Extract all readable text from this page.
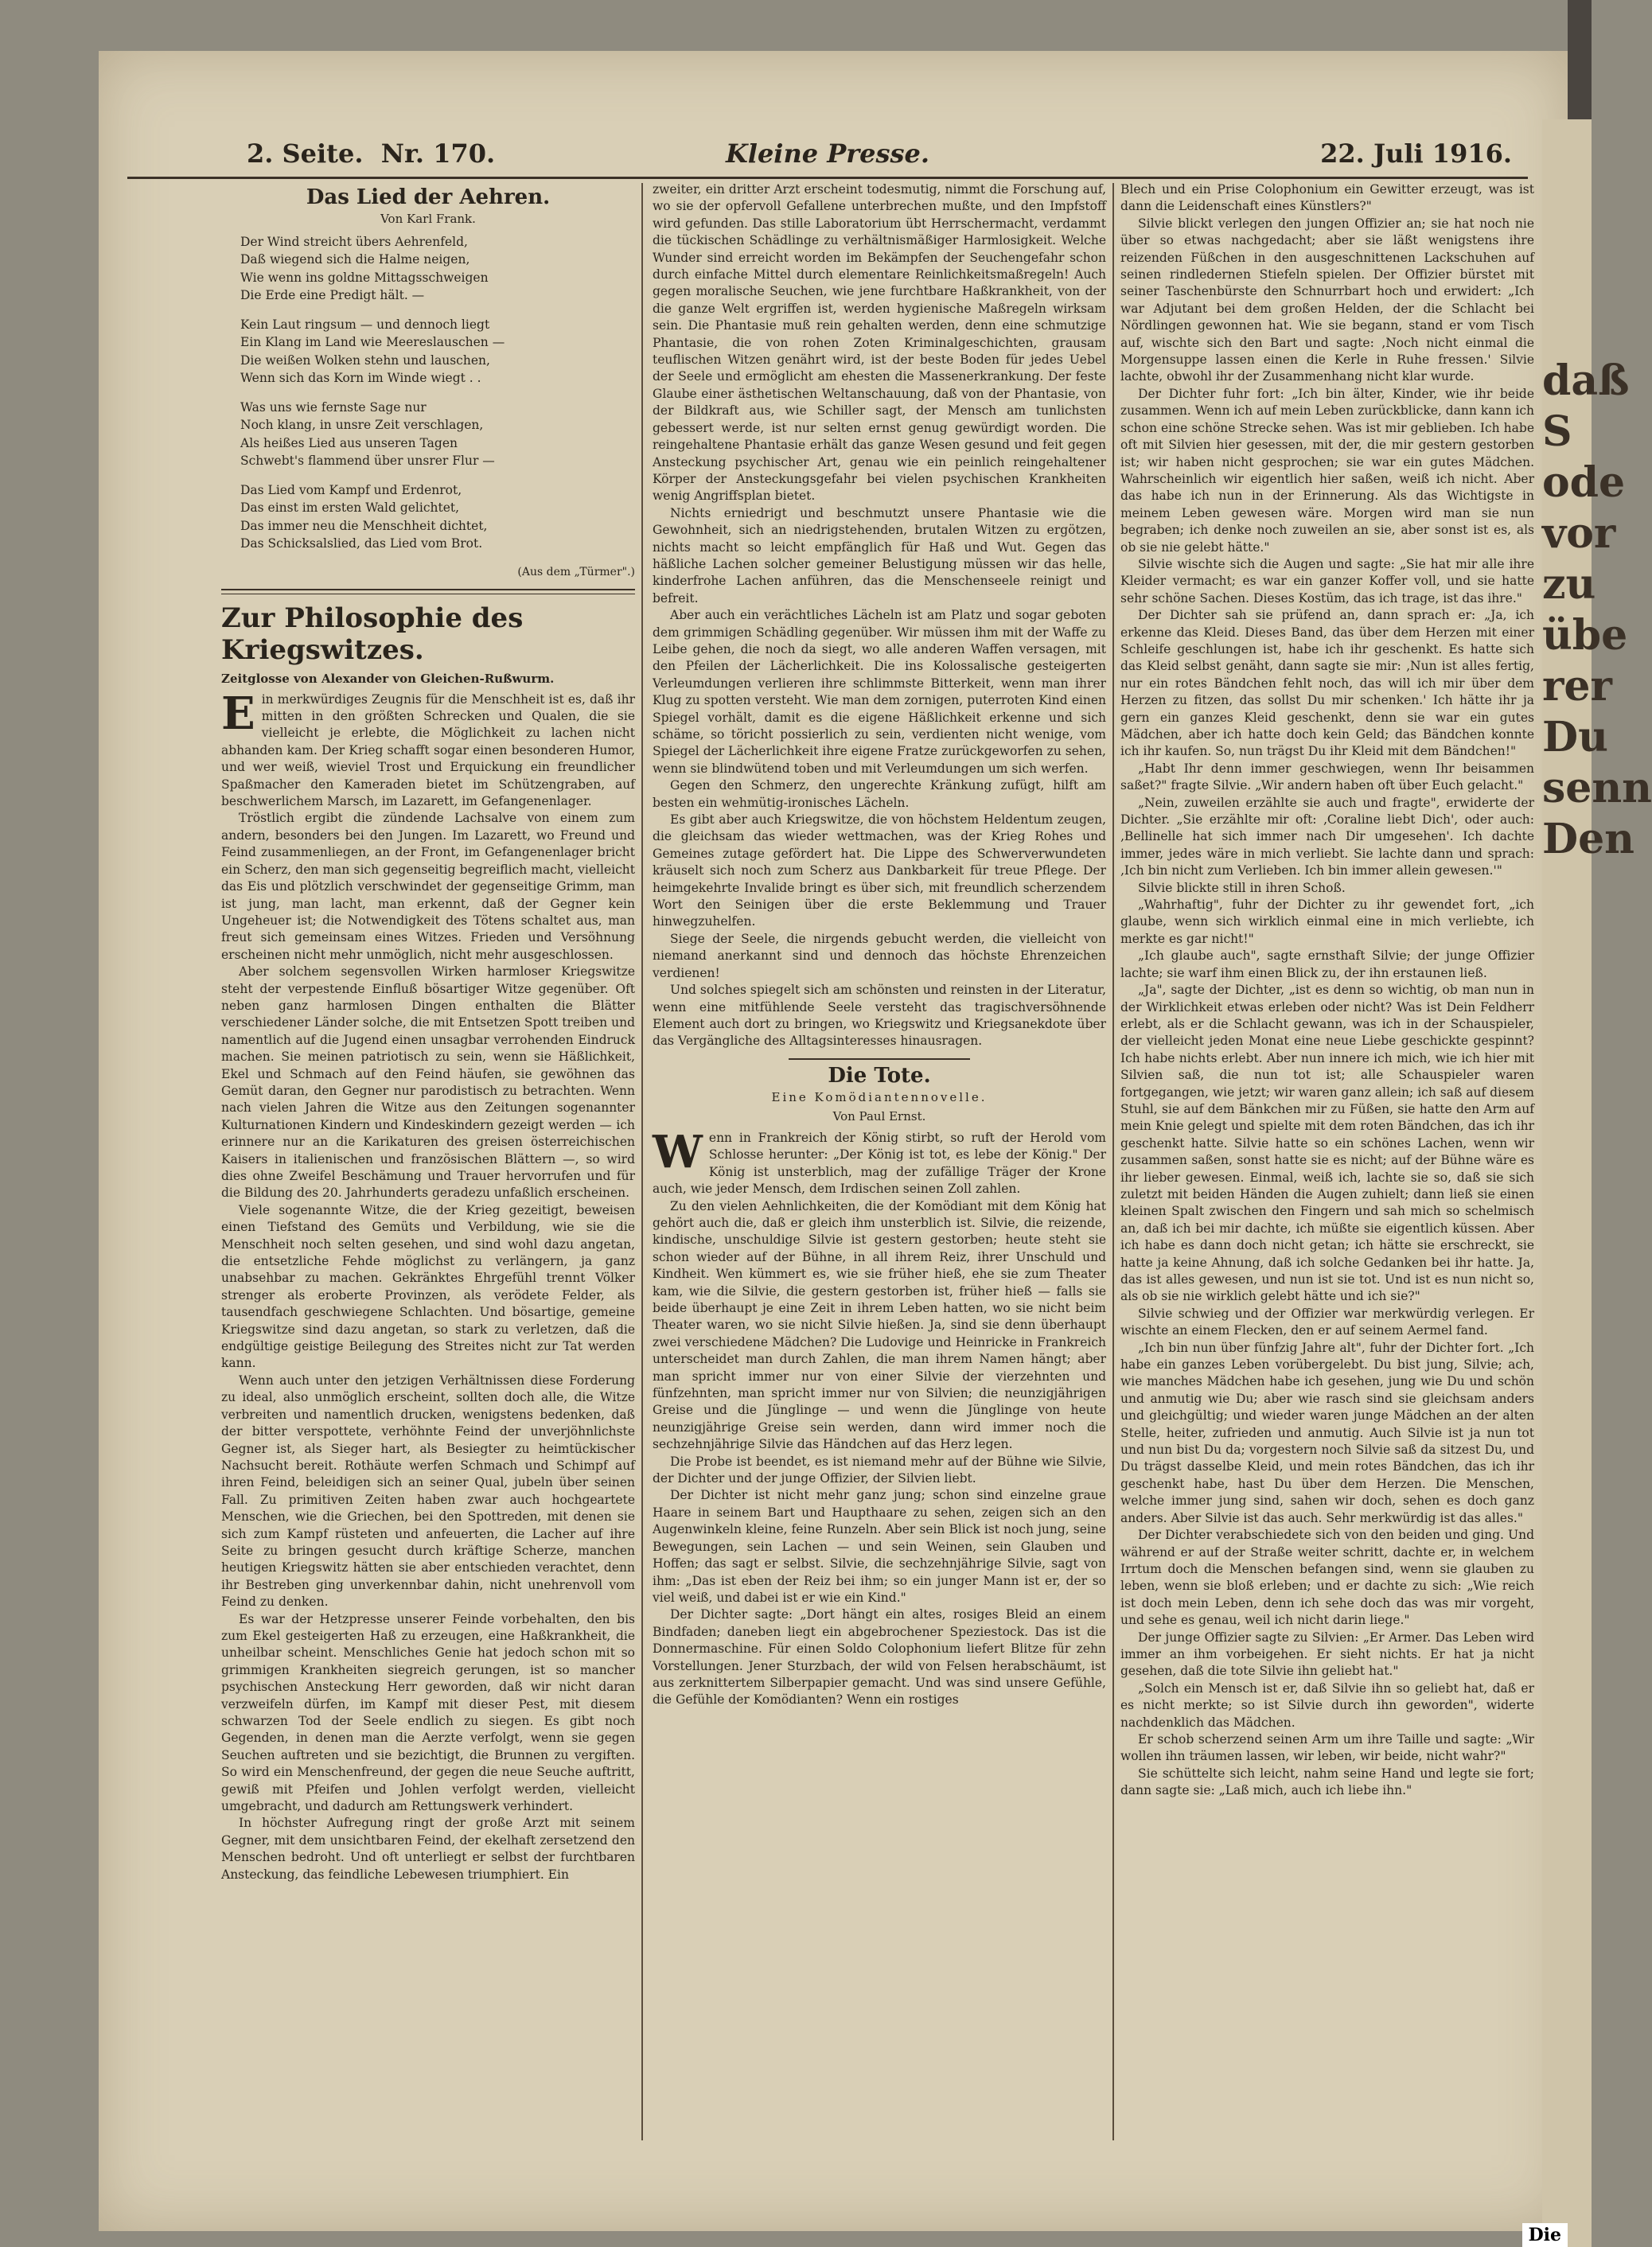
daß
S
ode
vor
zu
übe
rer
Du
senn
Den
2. Seite. Nr. 170.	Kleine Presse.	22. Juli 1916.
Das Lied der Aehren.
Von Karl Frank.
Der Wind streicht übers Aehrenfeld,
Daß wiegend sich die Halme neigen,
Wie wenn ins goldne Mittagsschweigen
Die Erde eine Predigt hält. —
Kein Laut ringsum — und dennoch liegt
Ein Klang im Land wie Meereslauschen —
Die weißen Wolken stehn und lauschen,
Wenn sich das Korn im Winde wiegt . .
Was uns wie fernste Sage nur
Noch klang, in unsre Zeit verschlagen,
Als heißes Lied aus unseren Tagen
Schwebt's flammend über unsrer Flur —
Das Lied vom Kampf und Erdenrot,
Das einst im ersten Wald gelichtet,
Das immer neu die Menschheit dichtet,
Das Schicksalslied, das Lied vom Brot.
(Aus dem „Türmer".)
Zur Philosophie des Kriegswitzes.
Zeitglosse von Alexander von Gleichen-Rußwurm.
E in merkwürdiges Zeugnis für die Menschheit ist es, daß ihr mitten in den größten Schrecken und Qualen, die sie vielleicht je erlebte, die Möglichkeit zu lachen nicht abhanden kam. Der Krieg schafft sogar einen besonderen Humor, und wer weiß, wieviel Trost und Erquickung ein freundlicher Spaßmacher den Kameraden bietet im Schützengraben, auf beschwerlichem Marsch, im Lazarett, im Gefangenenlager.

Tröstlich ergibt die zündende Lachsalve von einem zum andern, besonders bei den Jungen. Im Lazarett, wo Freund und Feind zusammenliegen, an der Front, im Gefangenenlager bricht ein Scherz, den man sich gegenseitig begreiflich macht, vielleicht das Eis und plötzlich verschwindet der gegenseitige Grimm, man ist jung, man lacht, man erkennt, daß der Gegner kein Ungeheuer ist; die Notwendigkeit des Tötens schaltet aus, man freut sich gemeinsam eines Witzes. Frieden und Versöhnung erscheinen nicht mehr unmöglich, nicht mehr ausgeschlossen.

Aber solchem segensvollen Wirken harmloser Kriegswitze steht der verpestende Einfluß bösartiger Witze gegenüber. Oft neben ganz harmlosen Dingen enthalten die Blätter verschiedener Länder solche, die mit Entsetzen Spott treiben und namentlich auf die Jugend einen unsagbar verrohenden Eindruck machen. Sie meinen patriotisch zu sein, wenn sie Häßlichkeit, Ekel und Schmach auf den Feind häufen, sie gewöhnen das Gemüt daran, den Gegner nur parodistisch zu betrachten. Wenn nach vielen Jahren die Witze aus den Zeitungen sogenannter Kulturnationen Kindern und Kindeskindern gezeigt werden — ich erinnere nur an die Karikaturen des greisen österreichischen Kaisers in italienischen und französischen Blättern —, so wird dies ohne Zweifel Beschämung und Trauer hervorrufen und für die Bildung des 20. Jahrhunderts geradezu unfaßlich erscheinen.

Viele sogenannte Witze, die der Krieg gezeitigt, beweisen einen Tiefstand des Gemüts und Verbildung, wie sie die Menschheit noch selten gesehen, und sind wohl dazu angetan, die entsetzliche Fehde möglichst zu verlängern, ja ganz unabsehbar zu machen. Gekränktes Ehrgefühl trennt Völker strenger als eroberte Provinzen, als verödete Felder, als tausendfach geschwiegene Schlachten. Und bösartige, gemeine Kriegswitze sind dazu angetan, so stark zu verletzen, daß die endgültige geistige Beilegung des Streites nicht zur Tat werden kann.

Wenn auch unter den jetzigen Verhältnissen diese Forderung zu ideal, also unmöglich erscheint, sollten doch alle, die Witze verbreiten und namentlich drucken, wenigstens bedenken, daß der bitter verspottete, verhöhnte Feind der unverjöhnlichste Gegner ist, als Sieger hart, als Besiegter zu heimtückischer Nachsucht bereit. Rothäute werfen Schmach und Schimpf auf ihren Feind, beleidigen sich an seiner Qual, jubeln über seinen Fall. Zu primitiven Zeiten haben zwar auch hochgeartete Menschen, wie die Griechen, bei den Spottreden, mit denen sie sich zum Kampf rüsteten und anfeuerten, die Lacher auf ihre Seite zu bringen gesucht durch kräftige Scherze, manchen heutigen Kriegswitz hätten sie aber entschieden verachtet, denn ihr Bestreben ging unverkennbar dahin, nicht unehrenvoll vom Feind zu denken.

Es war der Hetzpresse unserer Feinde vorbehalten, den bis zum Ekel gesteigerten Haß zu erzeugen, eine Haßkrankheit, die unheilbar scheint. Menschliches Genie hat jedoch schon mit so grimmigen Krankheiten siegreich gerungen, ist so mancher psychischen Ansteckung Herr geworden, daß wir nicht daran verzweifeln dürfen, im Kampf mit dieser Pest, mit diesem schwarzen Tod der Seele endlich zu siegen. Es gibt noch Gegenden, in denen man die Aerzte verfolgt, wenn sie gegen Seuchen auftreten und sie bezichtigt, die Brunnen zu vergiften. So wird ein Menschenfreund, der gegen die neue Seuche auftritt, gewiß mit Pfeifen und Johlen verfolgt werden, vielleicht umgebracht, und dadurch am Rettungswerk verhindert.

In höchster Aufregung ringt der große Arzt mit seinem Gegner, mit dem unsichtbaren Feind, der ekelhaft zersetzend den Menschen bedroht. Und oft unterliegt er selbst der furchtbaren Ansteckung, das feindliche Lebewesen triumphiert. Ein

zweiter, ein dritter Arzt erscheint todesmutig, nimmt die Forschung auf, wo sie der opfervoll Gefallene unterbrechen mußte, und den Impfstoff wird gefunden. Das stille Laboratorium übt Herrschermacht, verdammt die tückischen Schädlinge zu verhältnismäßiger Harmlosigkeit. Welche Wunder sind erreicht worden im Bekämpfen der Seuchengefahr schon durch einfache Mittel durch elementare Reinlichkeitsmaßregeln! Auch gegen moralische Seuchen, wie jene furchtbare Haßkrankheit, von der die ganze Welt ergriffen ist, werden hygienische Maßregeln wirksam sein. Die Phantasie muß rein gehalten werden, denn eine schmutzige Phantasie, die von rohen Zoten Kriminalgeschichten, grausam teuflischen Witzen genährt wird, ist der beste Boden für jedes Uebel der Seele und ermöglicht am ehesten die Massenerkrankung. Der feste Glaube einer ästhetischen Weltanschauung, daß von der Phantasie, von der Bildkraft aus, wie Schiller sagt, der Mensch am tunlichsten gebessert werde, ist nur selten ernst genug gewürdigt worden. Die reingehaltene Phantasie erhält das ganze Wesen gesund und feit gegen Ansteckung psychischer Art, genau wie ein peinlich reingehaltener Körper der Ansteckungsgefahr bei vielen psychischen Krankheiten wenig Angriffsplan bietet.

Nichts erniedrigt und beschmutzt unsere Phantasie wie die Gewohnheit, sich an niedrigstehenden, brutalen Witzen zu ergötzen, nichts macht so leicht empfänglich für Haß und Wut. Gegen das häßliche Lachen solcher gemeiner Belustigung müssen wir das helle, kinderfrohe Lachen anführen, das die Menschenseele reinigt und befreit.

Aber auch ein verächtliches Lächeln ist am Platz und sogar geboten dem grimmigen Schädling gegenüber. Wir müssen ihm mit der Waffe zu Leibe gehen, die noch da siegt, wo alle anderen Waffen versagen, mit den Pfeilen der Lächerlichkeit. Die ins Kolossalische gesteigerten Verleumdungen verlieren ihre schlimmste Bitterkeit, wenn man ihrer Klug zu spotten versteht. Wie man dem zornigen, puterroten Kind einen Spiegel vorhält, damit es die eigene Häßlichkeit erkenne und sich schäme, so töricht possierlich zu sein, verdienten nicht wenige, vom Spiegel der Lächerlichkeit ihre eigene Fratze zurückgeworfen zu sehen, wenn sie blindwütend toben und mit Verleumdungen um sich werfen.

Gegen den Schmerz, den ungerechte Kränkung zufügt, hilft am besten ein wehmütig-ironisches Lächeln.

Es gibt aber auch Kriegswitze, die von höchstem Heldentum zeugen, die gleichsam das wieder wettmachen, was der Krieg Rohes und Gemeines zutage gefördert hat. Die Lippe des Schwerverwundeten kräuselt sich noch zum Scherz aus Dankbarkeit für treue Pflege. Der heimgekehrte Invalide bringt es über sich, mit freundlich scherzendem Wort den Seinigen über die erste Beklemmung und Trauer hinwegzuhelfen.

Siege der Seele, die nirgends gebucht werden, die vielleicht von niemand anerkannt sind und dennoch das höchste Ehrenzeichen verdienen!

Und solches spiegelt sich am schönsten und reinsten in der Literatur, wenn eine mitfühlende Seele versteht das tragischversöhnende Element auch dort zu bringen, wo Kriegswitz und Kriegsanekdote über das Vergängliche des Alltagsinteresses hinausragen.

Die Tote.
Eine Komödiantennovelle.
Von Paul Ernst.
W enn in Frankreich der König stirbt, so ruft der Herold vom Schlosse herunter: „Der König ist tot, es lebe der König." Der König ist unsterblich, mag der zufällige Träger der Krone auch, wie jeder Mensch, dem Irdischen seinen Zoll zahlen.

Zu den vielen Aehnlichkeiten, die der Komödiant mit dem König hat gehört auch die, daß er gleich ihm unsterblich ist. Silvie, die reizende, kindische, unschuldige Silvie ist gestern gestorben; heute steht sie schon wieder auf der Bühne, in all ihrem Reiz, ihrer Unschuld und Kindheit. Wen kümmert es, wie sie früher hieß, ehe sie zum Theater kam, wie die Silvie, die gestern gestorben ist, früher hieß — falls sie beide überhaupt je eine Zeit in ihrem Leben hatten, wo sie nicht beim Theater waren, wo sie nicht Silvie hießen. Ja, sind sie denn überhaupt zwei verschiedene Mädchen? Die Ludovige und Heinricke in Frankreich unterscheidet man durch Zahlen, die man ihrem Namen hängt; aber man spricht immer nur von einer Silvie der vierzehnten und fünfzehnten, man spricht immer nur von Silvien; die neunzigjährigen Greise und die Jünglinge — und wenn die Jünglinge von heute neunzigjährige Greise sein werden, dann wird immer noch die sechzehnjährige Silvie das Händchen auf das Herz legen.

Die Probe ist beendet, es ist niemand mehr auf der Bühne wie Silvie, der Dichter und der junge Offizier, der Silvien liebt.

Der Dichter ist nicht mehr ganz jung; schon sind einzelne graue Haare in seinem Bart und Haupthaare zu sehen, zeigen sich an den Augenwinkeln kleine, feine Runzeln. Aber sein Blick ist noch jung, seine Bewegungen, sein Lachen — und sein Weinen, sein Glauben und Hoffen; das sagt er selbst. Silvie, die sechzehnjährige Silvie, sagt von ihm: „Das ist eben der Reiz bei ihm; so ein junger Mann ist er, der so viel weiß, und dabei ist er wie ein Kind."

Der Dichter sagte: „Dort hängt ein altes, rosiges Bleid an einem Bindfaden; daneben liegt ein abgebrochener Speziestock. Das ist die Donnermaschine. Für einen Soldo Colophonium liefert Blitze für zehn Vorstellungen. Jener Sturzbach, der wild von Felsen herabschäumt, ist aus zerknittertem Silberpapier gemacht. Und was sind unsere Gefühle, die Gefühle der Komödianten? Wenn ein rostiges

Blech und ein Prise Colophonium ein Gewitter erzeugt, was ist dann die Leidenschaft eines Künstlers?"

Silvie blickt verlegen den jungen Offizier an; sie hat noch nie über so etwas nachgedacht; aber sie läßt wenigstens ihre reizenden Füßchen in den ausgeschnittenen Lackschuhen auf seinen rindledernen Stiefeln spielen. Der Offizier bürstet mit seiner Taschenbürste den Schnurrbart hoch und erwidert: „Ich war Adjutant bei dem großen Helden, der die Schlacht bei Nördlingen gewonnen hat. Wie sie begann, stand er vom Tisch auf, wischte sich den Bart und sagte: ‚Noch nicht einmal die Morgensuppe lassen einen die Kerle in Ruhe fressen.' Silvie lachte, obwohl ihr der Zusammenhang nicht klar wurde.

Der Dichter fuhr fort: „Ich bin älter, Kinder, wie ihr beide zusammen. Wenn ich auf mein Leben zurückblicke, dann kann ich schon eine schöne Strecke sehen. Was ist mir geblieben. Ich habe oft mit Silvien hier gesessen, mit der, die mir gestern gestorben ist; wir haben nicht gesprochen; sie war ein gutes Mädchen. Wahrscheinlich wir eigentlich hier saßen, weiß ich nicht. Aber das habe ich nun in der Erinnerung. Als das Wichtigste in meinem Leben gewesen wäre. Morgen wird man sie nun begraben; ich denke noch zuweilen an sie, aber sonst ist es, als ob sie nie gelebt hätte."

Silvie wischte sich die Augen und sagte: „Sie hat mir alle ihre Kleider vermacht; es war ein ganzer Koffer voll, und sie hatte sehr schöne Sachen. Dieses Kostüm, das ich trage, ist das ihre."

Der Dichter sah sie prüfend an, dann sprach er: „Ja, ich erkenne das Kleid. Dieses Band, das über dem Herzen mit einer Schleife geschlungen ist, habe ich ihr geschenkt. Es hatte sich das Kleid selbst genäht, dann sagte sie mir: ‚Nun ist alles fertig, nur ein rotes Bändchen fehlt noch, das will ich mir über dem Herzen zu fitzen, das sollst Du mir schenken.' Ich hätte ihr ja gern ein ganzes Kleid geschenkt, denn sie war ein gutes Mädchen, aber ich hatte doch kein Geld; das Bändchen konnte ich ihr kaufen. So, nun trägst Du ihr Kleid mit dem Bändchen!"

„Habt Ihr denn immer geschwiegen, wenn Ihr beisammen saßet?" fragte Silvie. „Wir andern haben oft über Euch gelacht."

„Nein, zuweilen erzählte sie auch und fragte", erwiderte der Dichter. „Sie erzählte mir oft: ‚Coraline liebt Dich', oder auch: ‚Bellinelle hat sich immer nach Dir umgesehen'. Ich dachte immer, jedes wäre in mich verliebt. Sie lachte dann und sprach: ‚Ich bin nicht zum Verlieben. Ich bin immer allein gewesen.'"

Silvie blickte still in ihren Schoß.

„Wahrhaftig", fuhr der Dichter zu ihr gewendet fort, „ich glaube, wenn sich wirklich einmal eine in mich verliebte, ich merkte es gar nicht!"

„Ich glaube auch", sagte ernsthaft Silvie; der junge Offizier lachte; sie warf ihm einen Blick zu, der ihn erstaunen ließ.

„Ja", sagte der Dichter, „ist es denn so wichtig, ob man nun in der Wirklichkeit etwas erleben oder nicht? Was ist Dein Feldherr erlebt, als er die Schlacht gewann, was ich in der Schauspieler, der vielleicht jeden Monat eine neue Liebe geschickte gespinnt? Ich habe nichts erlebt. Aber nun innere ich mich, wie ich hier mit Silvien saß, die nun tot ist; alle Schauspieler waren fortgegangen, wie jetzt; wir waren ganz allein; ich saß auf diesem Stuhl, sie auf dem Bänkchen mir zu Füßen, sie hatte den Arm auf mein Knie gelegt und spielte mit dem roten Bändchen, das ich ihr geschenkt hatte. Silvie hatte so ein schönes Lachen, wenn wir zusammen saßen, sonst hatte sie es nicht; auf der Bühne wäre es ihr lieber gewesen. Einmal, weiß ich, lachte sie so, daß sie sich zuletzt mit beiden Händen die Augen zuhielt; dann ließ sie einen kleinen Spalt zwischen den Fingern und sah mich so schelmisch an, daß ich bei mir dachte, ich müßte sie eigentlich küssen. Aber ich habe es dann doch nicht getan; ich hätte sie erschreckt, sie hatte ja keine Ahnung, daß ich solche Gedanken bei ihr hatte. Ja, das ist alles gewesen, und nun ist sie tot. Und ist es nun nicht so, als ob sie nie wirklich gelebt hätte und ich sie?"

Silvie schwieg und der Offizier war merkwürdig verlegen. Er wischte an einem Flecken, den er auf seinem Aermel fand.

„Ich bin nun über fünfzig Jahre alt", fuhr der Dichter fort. „Ich habe ein ganzes Leben vorübergelebt. Du bist jung, Silvie; ach, wie manches Mädchen habe ich gesehen, jung wie Du und schön und anmutig wie Du; aber wie rasch sind sie gleichsam anders und gleichgültig; und wieder waren junge Mädchen an der alten Stelle, heiter, zufrieden und anmutig. Auch Silvie ist ja nun tot und nun bist Du da; vorgestern noch Silvie saß da sitzest Du, und Du trägst dasselbe Kleid, und mein rotes Bändchen, das ich ihr geschenkt habe, hast Du über dem Herzen. Die Menschen, welche immer jung sind, sahen wir doch, sehen es doch ganz anders. Aber Silvie ist das auch. Sehr merkwürdig ist das alles."

Der Dichter verabschiedete sich von den beiden und ging. Und während er auf der Straße weiter schritt, dachte er, in welchem Irrtum doch die Menschen befangen sind, wenn sie glauben zu leben, wenn sie bloß erleben; und er dachte zu sich: „Wie reich ist doch mein Leben, denn ich sehe doch das was mir vorgeht, und sehe es genau, weil ich nicht darin liege."

Der junge Offizier sagte zu Silvien: „Er Armer. Das Leben wird immer an ihm vorbeigehen. Er sieht nichts. Er hat ja nicht gesehen, daß die tote Silvie ihn geliebt hat."

„Solch ein Mensch ist er, daß Silvie ihn so geliebt hat, daß er es nicht merkte; so ist Silvie durch ihn geworden", widerte nachdenklich das Mädchen.

Er schob scherzend seinen Arm um ihre Taille und sagte: „Wir wollen ihn träumen lassen, wir leben, wir beide, nicht wahr?"

Sie schüttelte sich leicht, nahm seine Hand und legte sie fort; dann sagte sie: „Laß mich, auch ich liebe ihn."

Die
